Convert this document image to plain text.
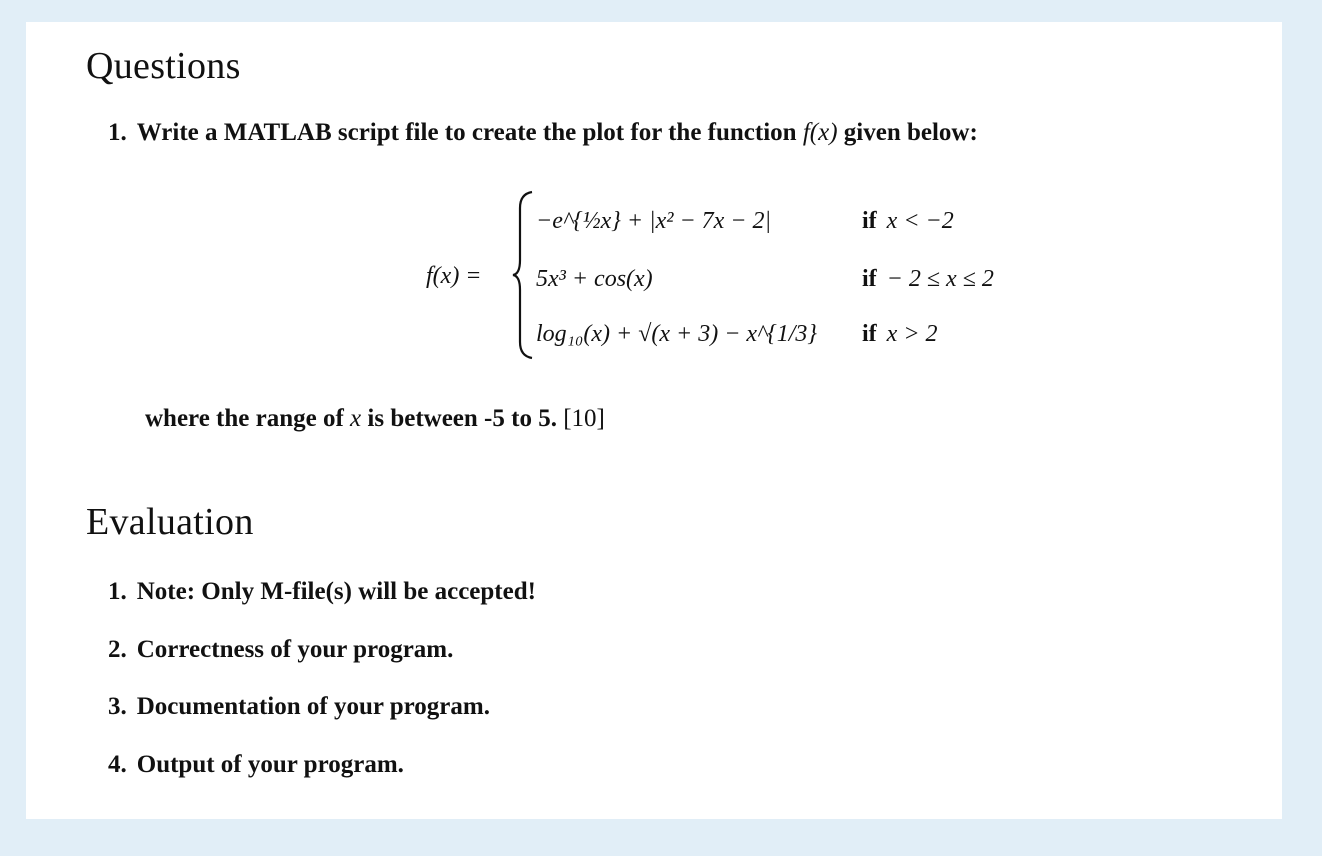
Questions
1. Write a MATLAB script file to create the plot for the function f(x) given below:
f(x) =
−e^{½x} + |x² − 7x − 2|	if x < −2
5x³ + cos(x)	if − 2 ≤ x ≤ 2
log₁₀(x) + √(x + 3) − x^{1/3} if x > 2
where the range of x is between -5 to 5. [10]
Evaluation
1. Note: Only M-file(s) will be accepted!
2. Correctness of your program.
3. Documentation of your program.
4. Output of your program.
